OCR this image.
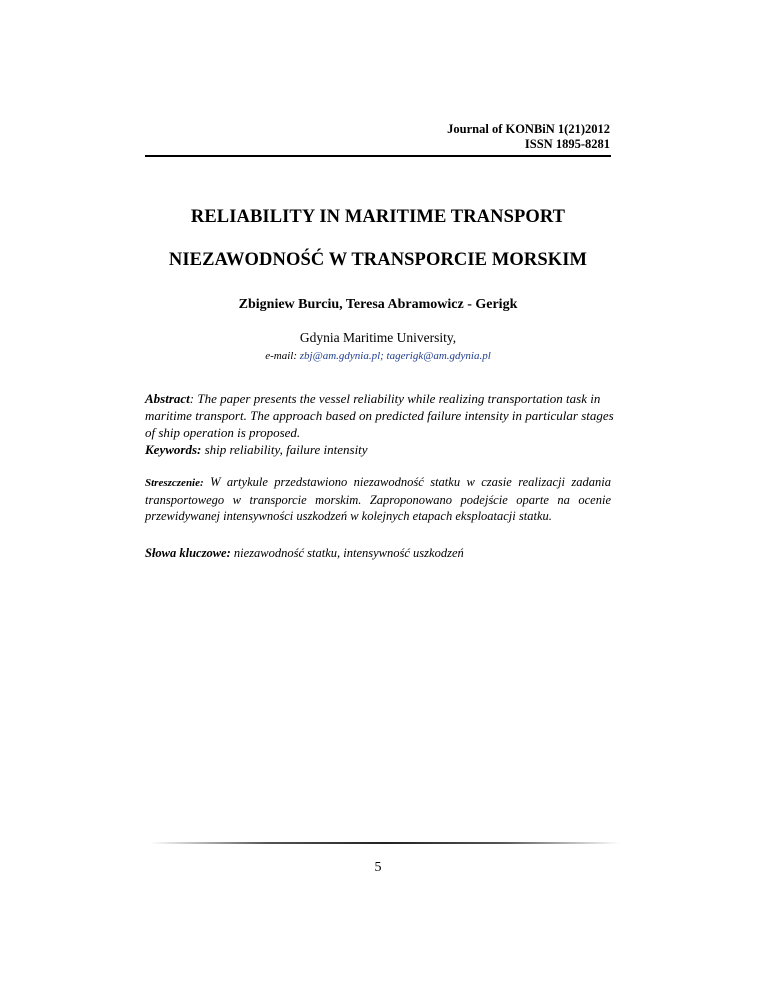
Journal of KONBiN 1(21)2012
ISSN 1895-8281
RELIABILITY IN MARITIME TRANSPORT
NIEZAWODNOŚĆ W TRANSPORCIE MORSKIM
Zbigniew Burciu, Teresa Abramowicz - Gerigk
Gdynia Maritime University,
e-mail: zbj@am.gdynia.pl; tagerigk@am.gdynia.pl
Abstract: The paper presents the vessel reliability while realizing transportation task in maritime transport. The approach based on predicted failure intensity in particular stages of ship operation is proposed.
Keywords: ship reliability, failure intensity
Streszczenie: W artykule przedstawiono niezawodność statku w czasie realizacji zadania transportowego w transporcie morskim. Zaproponowano podejście oparte na ocenie przewidywanej intensywności uszkodzeń w kolejnych etapach eksploatacji statku.
Słowa kluczowe: niezawodność statku, intensywność uszkodzeń
5
